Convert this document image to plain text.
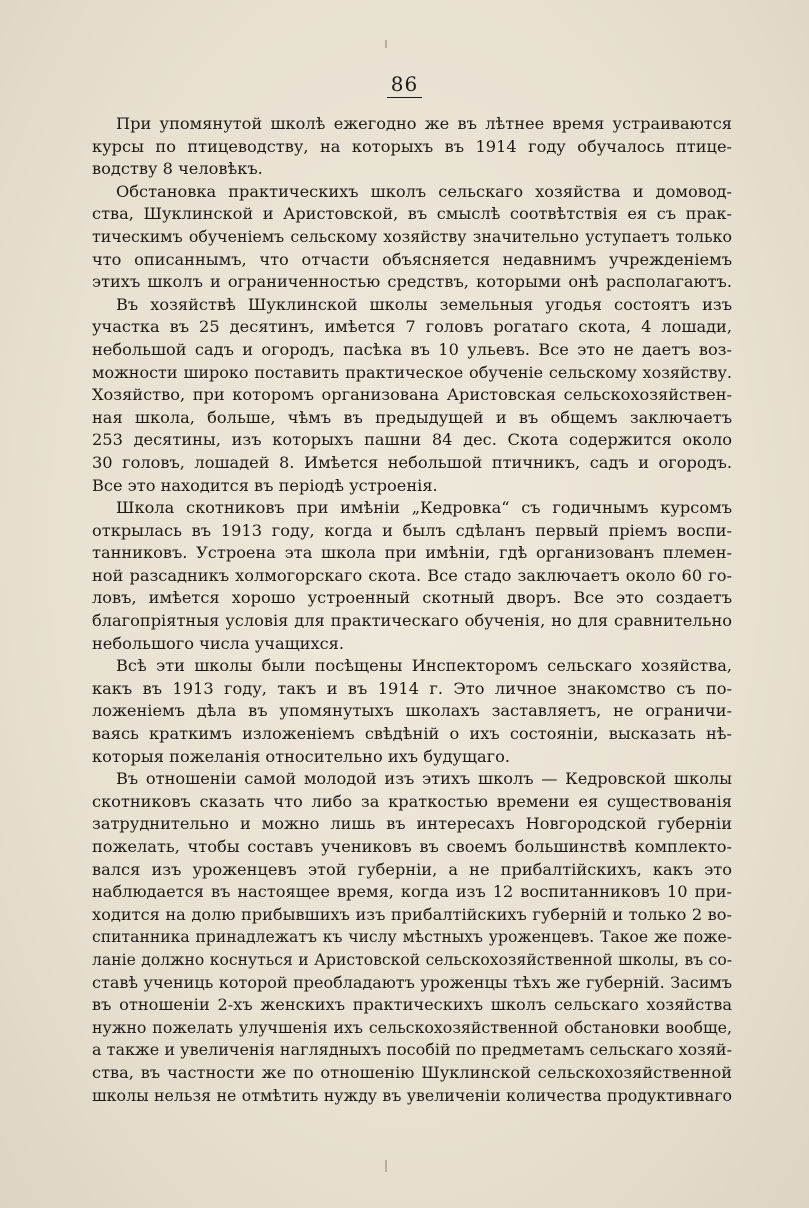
86
При упомянутой школѣ ежегодно же въ лѣтнее время устраиваются
курсы по птицеводству, на которыхъ въ 1914 году обучалось птице-
водству 8 человѣкъ.
Обстановка практическихъ школъ сельскаго хозяйства и домовод-
ства, Шуклинской и Аристовской, въ смыслѣ соотвѣтствія ея съ прак-
тическимъ обученіемъ сельскому хозяйству значительно уступаетъ только
что описаннымъ, что отчасти объясняется недавнимъ учрежденіемъ
этихъ школъ и ограниченностью средствъ, которыми онѣ располагаютъ.
Въ хозяйствѣ Шуклинской школы земельныя угодья состоятъ изъ
участка въ 25 десятинъ, имѣется 7 головъ рогатаго скота, 4 лошади,
небольшой садъ и огородъ, пасѣка въ 10 ульевъ. Все это не даетъ воз-
можности широко поставить практическое обученіе сельскому хозяйству.
Хозяйство, при которомъ организована Аристовская сельскохозяйствен-
ная школа, больше, чѣмъ въ предыдущей и въ общемъ заключаетъ
253 десятины, изъ которыхъ пашни 84 дес. Скота содержится около
30 головъ, лошадей 8. Имѣется небольшой птичникъ, садъ и огородъ.
Все это находится въ періодѣ устроенія.
Школа скотниковъ при имѣніи „Кедровка“ съ годичнымъ курсомъ
открылась въ 1913 году, когда и былъ сдѣланъ первый пріемъ воспи-
танниковъ. Устроена эта школа при имѣніи, гдѣ организованъ племен-
ной разсадникъ холмогорскаго скота. Все стадо заключаетъ около 60 го-
ловъ, имѣется хорошо устроенный скотный дворъ. Все это создаетъ
благопріятныя условія для практическаго обученія, но для сравнительно
небольшого числа учащихся.
Всѣ эти школы были посѣщены Инспекторомъ сельскаго хозяйства,
какъ въ 1913 году, такъ и въ 1914 г. Это личное знакомство съ по-
ложеніемъ дѣла въ упомянутыхъ школахъ заставляетъ, не ограничи-
ваясь краткимъ изложеніемъ свѣдѣній о ихъ состояніи, высказать нѣ-
которыя пожеланія относительно ихъ будущаго.
Въ отношеніи самой молодой изъ этихъ школъ — Кедровской школы
скотниковъ сказать что либо за краткостью времени ея существованія
затруднительно и можно лишь въ интересахъ Новгородской губерніи
пожелать, чтобы составъ учениковъ въ своемъ большинствѣ комплекто-
вался изъ уроженцевъ этой губерніи, а не прибалтійскихъ, какъ это
наблюдается въ настоящее время, когда изъ 12 воспитанниковъ 10 при-
ходится на долю прибывшихъ изъ прибалтійскихъ губерній и только 2 во-
спитанника принадлежатъ къ числу мѣстныхъ уроженцевъ. Такое же поже-
ланіе должно коснуться и Аристовской сельскохозяйственной школы, въ со-
ставѣ учениць которой преобладаютъ уроженцы тѣхъ же губерній. Засимъ
въ отношеніи 2-хъ женскихъ практическихъ школъ сельскаго хозяйства
нужно пожелать улучшенія ихъ сельскохозяйственной обстановки вообще,
а также и увеличенія наглядныхъ пособій по предметамъ сельскаго хозяй-
ства, въ частности же по отношенію Шуклинской сельскохозяйственной
школы нельзя не отмѣтить нужду въ увеличеніи количества продуктивнаго
